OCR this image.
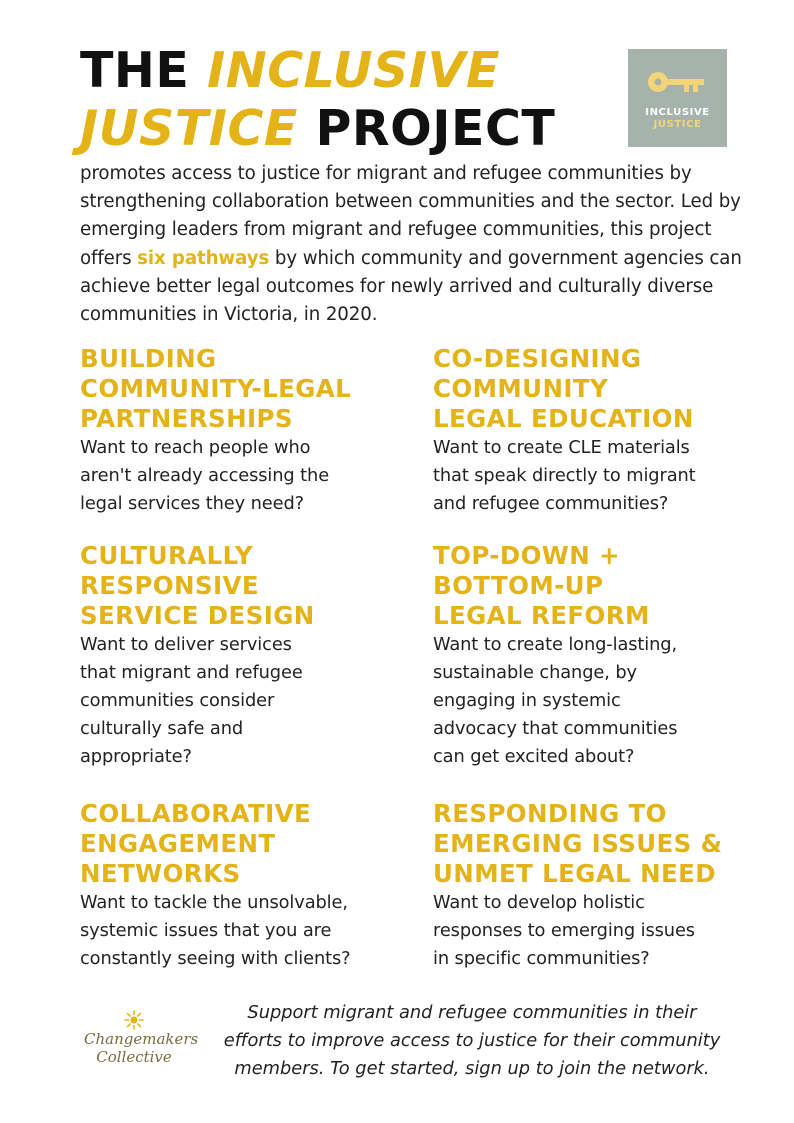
THE INCLUSIVE
JUSTICE PROJECT	INCLUSIVE
JUSTICE
promotes access to justice for migrant and refugee communities by strengthening collaboration between communities and the sector. Led by emerging leaders from migrant and refugee communities, this project offers six pathways by which community and government agencies can achieve better legal outcomes for newly arrived and culturally diverse communities in Victoria, in 2020.
BUILDING
COMMUNITY-LEGAL
PARTNERSHIPS

Want to reach people who
aren't already accessing the
legal services they need?

CO-DESIGNING
COMMUNITY
LEGAL EDUCATION

Want to create CLE materials
that speak directly to migrant
and refugee communities?

CULTURALLY
RESPONSIVE
SERVICE DESIGN

Want to deliver services
that migrant and refugee
communities consider
culturally safe and
appropriate?

TOP-DOWN +
BOTTOM-UP
LEGAL REFORM

Want to create long-lasting,
sustainable change, by
engaging in systemic
advocacy that communities
can get excited about?

COLLABORATIVE
ENGAGEMENT
NETWORKS

Want to tackle the unsolvable,
systemic issues that you are
constantly seeing with clients?

RESPONDING TO
EMERGING ISSUES &
UNMET LEGAL NEED

Want to develop holistic
responses to emerging issues
in specific communities?

Changemakers
Collective
Support migrant and refugee communities in their
efforts to improve access to justice for their community
members. To get started, sign up to join the network.
